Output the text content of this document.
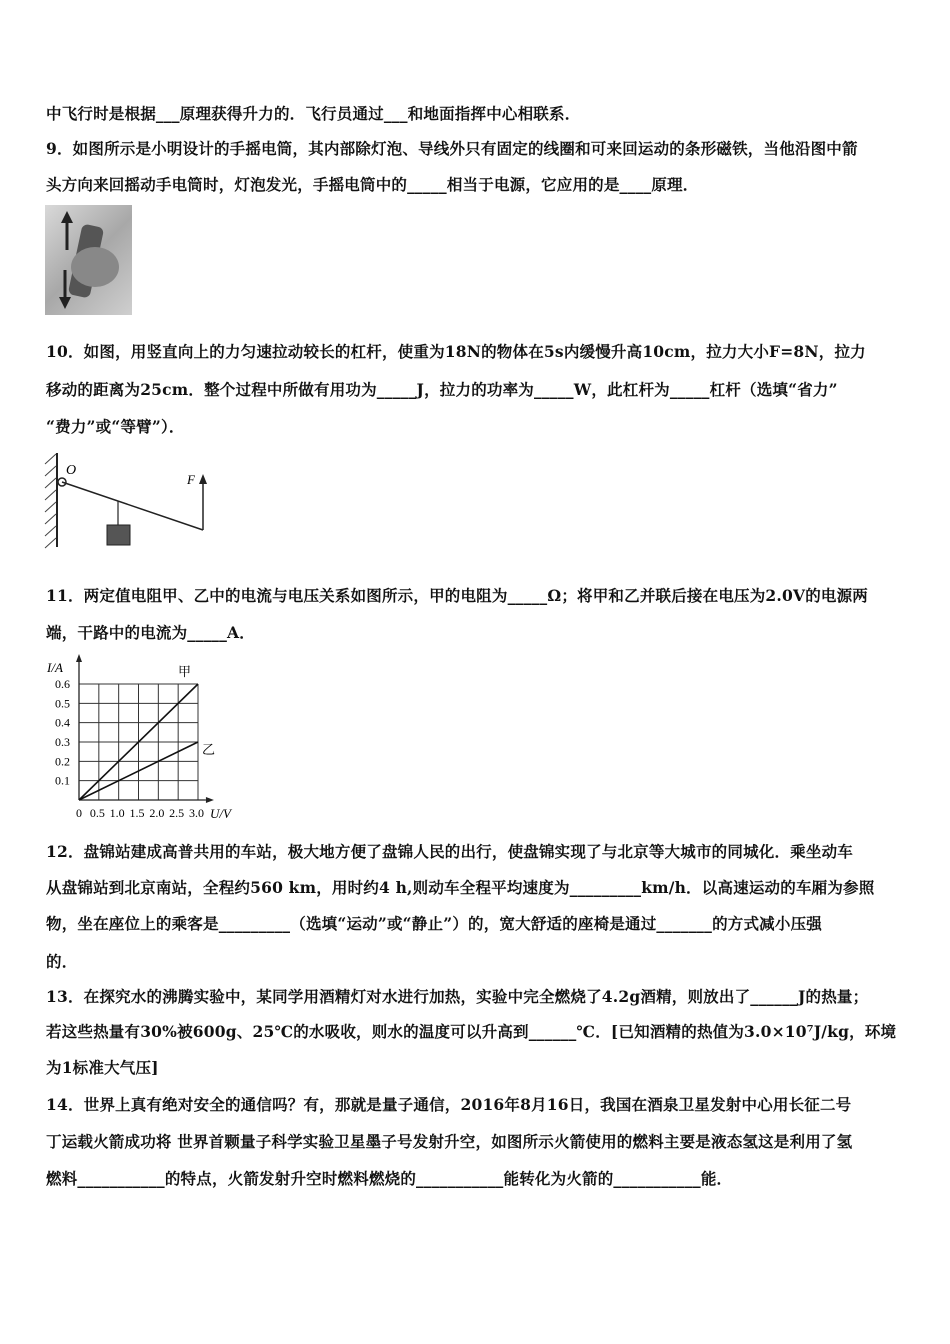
中飞行时是根据___原理获得升力的．飞行员通过___和地面指挥中心相联系．
9．如图所示是小明设计的手摇电筒，其内部除灯泡、导线外只有固定的线圈和可来回运动的条形磁铁，当他沿图中箭
头方向来回摇动手电筒时，灯泡发光，手摇电筒中的_____相当于电源，它应用的是____原理．
10．如图，用竖直向上的力匀速拉动较长的杠杆，使重为18N的物体在5s内缓慢升高10cm，拉力大小F=8N，拉力
移动的距离为25cm．整个过程中所做有用功为_____J，拉力的功率为_____W，此杠杆为_____杠杆（选填“省力”
“费力”或“等臂”）．
O
F
11．两定值电阻甲、乙中的电流与电压关系如图所示，甲的电阻为_____Ω；将甲和乙并联后接在电压为2.0V的电源两
端，干路中的电流为_____A．
0.1
0.2
0.3
0.4
0.5
0.6
0 0.5 1.0 1.5 2.0 2.5 3.0
I/A
U/V
甲
乙
12．盘锦站建成高普共用的车站，极大地方便了盘锦人民的出行，使盘锦实现了与北京等大城市的同城化．乘坐动车
从盘锦站到北京南站，全程约560 km，用时约4 h,则动车全程平均速度为_________km/h．以高速运动的车厢为参照
物，坐在座位上的乘客是_________（选填“运动”或“静止”）的，宽大舒适的座椅是通过_______的方式减小压强
的．
13．在探究水的沸腾实验中，某同学用酒精灯对水进行加热，实验中完全燃烧了4.2g酒精，则放出了______J的热量；
若这些热量有30%被600g、25℃的水吸收，则水的温度可以升高到______℃．[已知酒精的热值为3.0×10⁷J/kg，环境
为1标准大气压]
14．世界上真有绝对安全的通信吗？有，那就是量子通信，2016年8月16日，我国在酒泉卫星发射中心用长征二号
丁运载火箭成功将 世界首颗量子科学实验卫星墨子号发射升空，如图所示火箭使用的燃料主要是液态氢这是利用了氢
燃料___________的特点，火箭发射升空时燃料燃烧的___________能转化为火箭的___________能．
